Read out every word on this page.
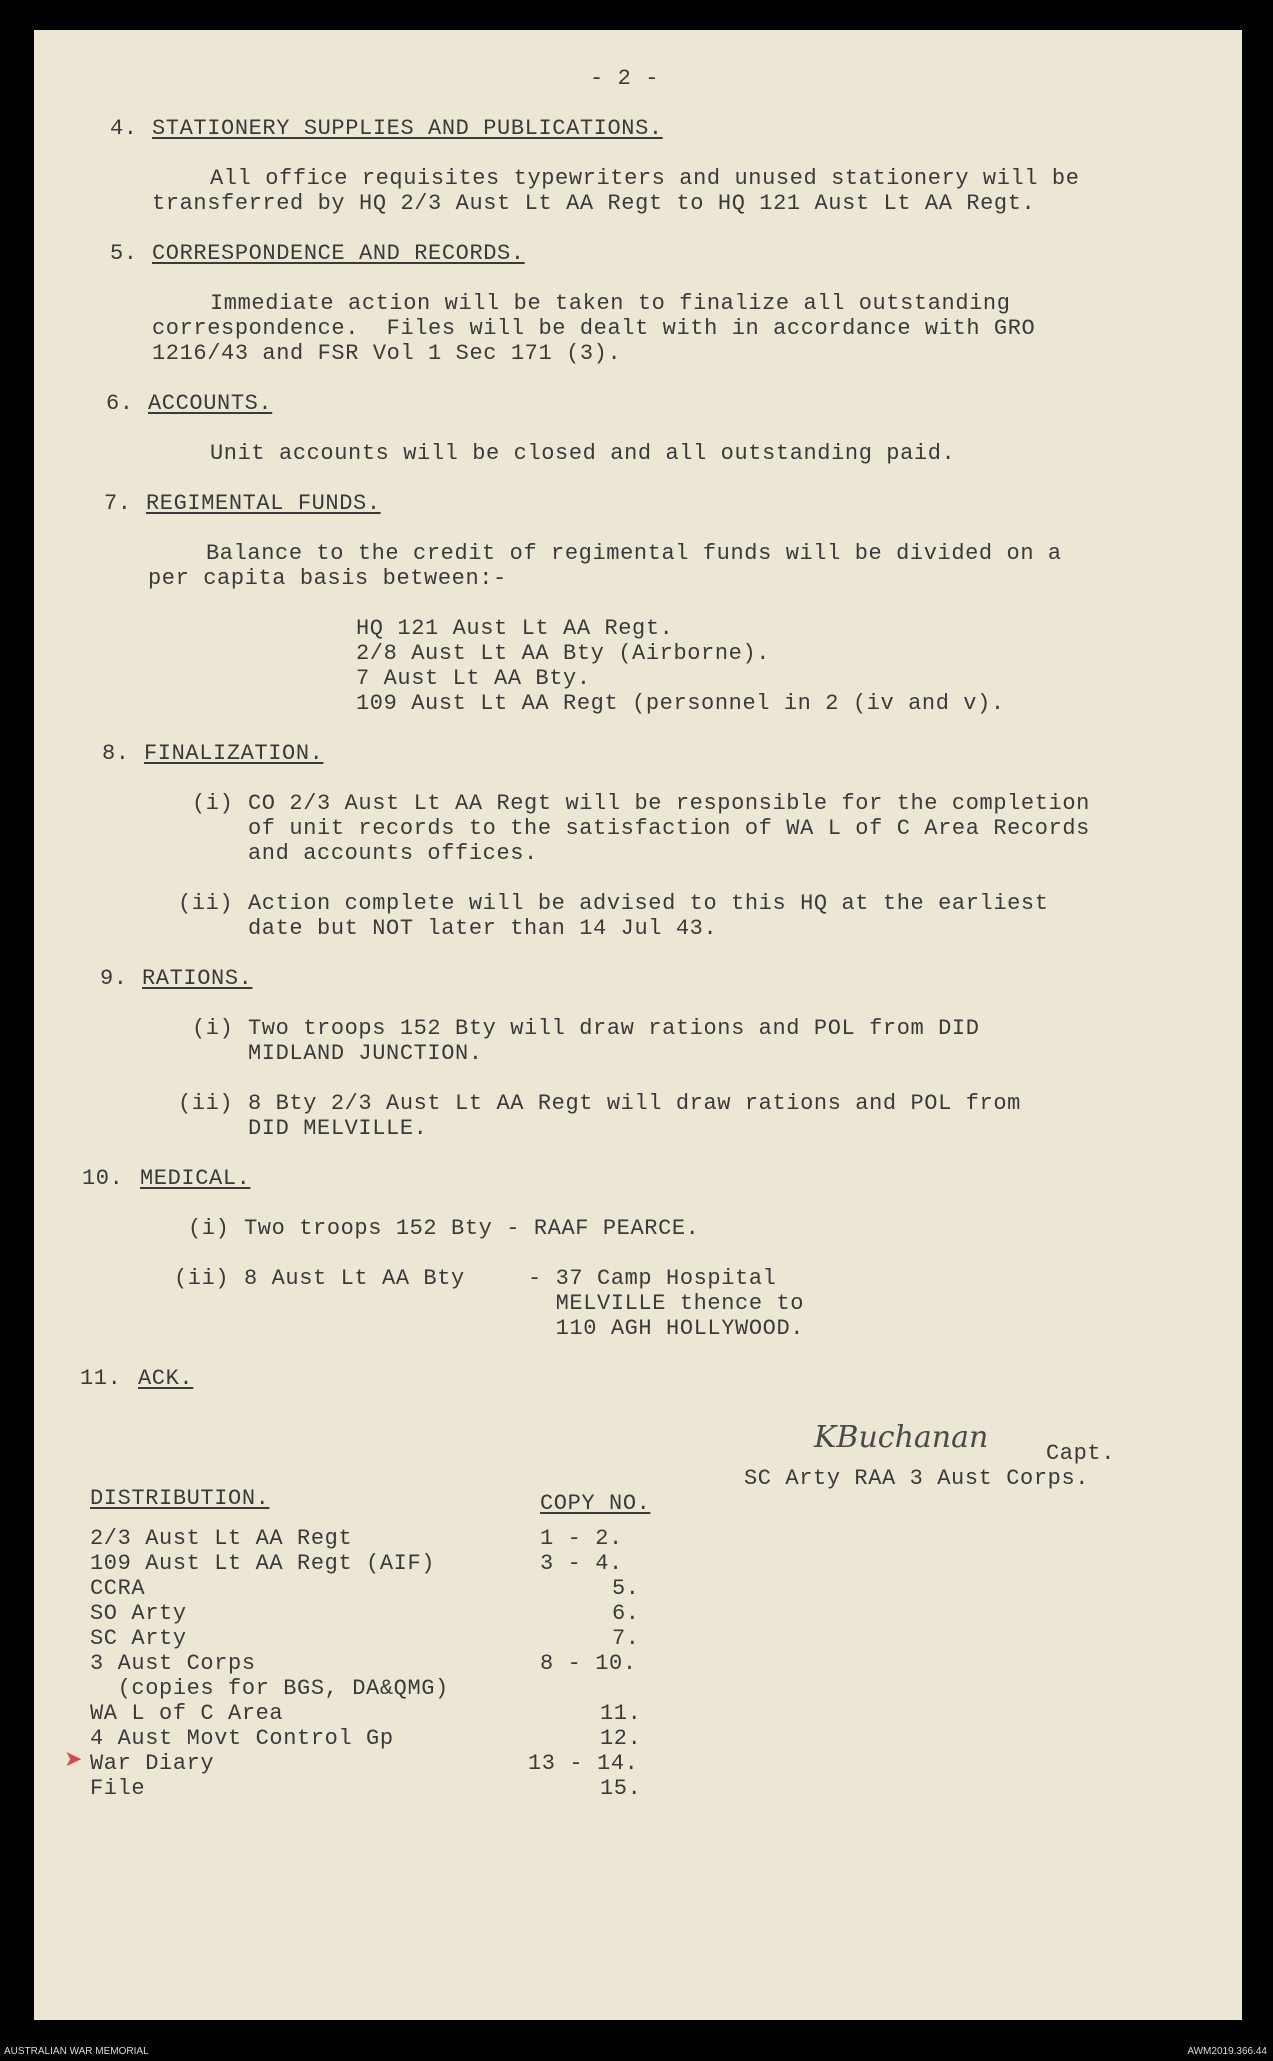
- 2 -
4. STATIONERY SUPPLIES AND PUBLICATIONS.
All office requisites typewriters and unused stationery will be
transferred by HQ 2/3 Aust Lt AA Regt to HQ 121 Aust Lt AA Regt.
5. CORRESPONDENCE AND RECORDS.
Immediate action will be taken to finalize all outstanding
correspondence.  Files will be dealt with in accordance with GRO
1216/43 and FSR Vol 1 Sec 171 (3).
6. ACCOUNTS.
Unit accounts will be closed and all outstanding paid.
7. REGIMENTAL FUNDS.
Balance to the credit of regimental funds will be divided on a
per capita basis between:-
HQ 121 Aust Lt AA Regt.
2/8 Aust Lt AA Bty (Airborne).
7 Aust Lt AA Bty.
109 Aust Lt AA Regt (personnel in 2 (iv and v).
8. FINALIZATION.
(i) CO 2/3 Aust Lt AA Regt will be responsible for the completion
of unit records to the satisfaction of WA L of C Area Records
and accounts offices.
(ii) Action complete will be advised to this HQ at the earliest
date but NOT later than 14 Jul 43.
9. RATIONS.
(i) Two troops 152 Bty will draw rations and POL from DID
MIDLAND JUNCTION.
(ii) 8 Bty 2/3 Aust Lt AA Regt will draw rations and POL from
DID MELVILLE.
10. MEDICAL.
(i) Two troops 152 Bty - RAAF PEARCE.
(ii) 8 Aust Lt AA Bty	- 37 Camp Hospital
MELVILLE thence to
110 AGH HOLLYWOOD.
11. ACK.
KBuchanan	Capt.
SC Arty RAA 3 Aust Corps.
DISTRIBUTION.	COPY NO.
2/3 Aust Lt AA Regt	1 - 2.
109 Aust Lt AA Regt (AIF)	3 - 4.
CCRA	5.
SO Arty	6.
SC Arty	7.
3 Aust Corps	8 - 10.
(copies for BGS, DA&QMG)
WA L of C Area	11.
4 Aust Movt Control Gp	12.
➤ War Diary	13 - 14.
File	15.
AUSTRALIAN WAR MEMORIAL	AWM2019.366.44
